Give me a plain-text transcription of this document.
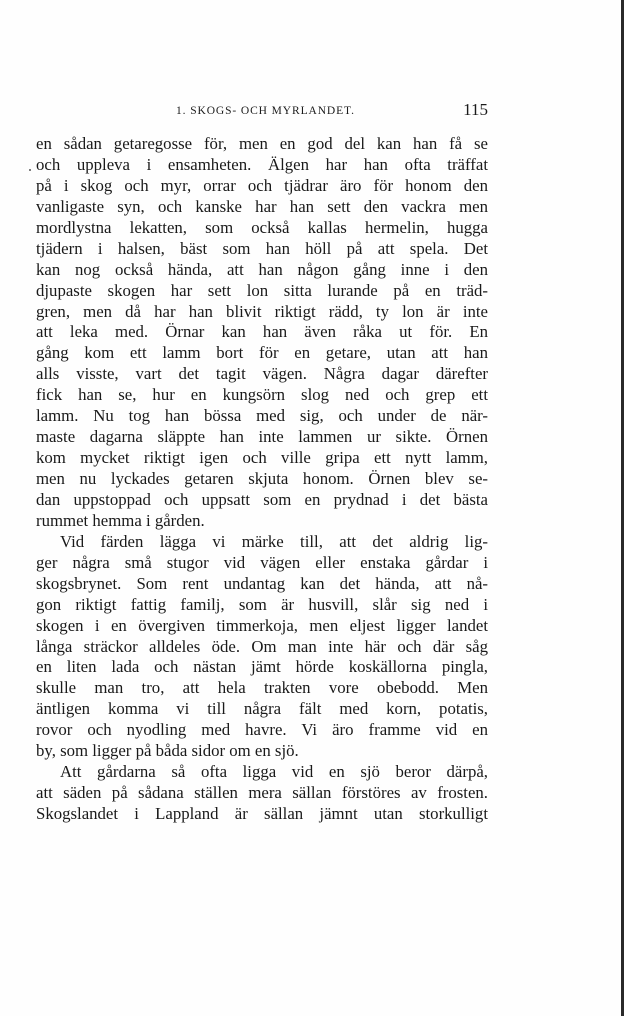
1. SKOGS- OCH MYRLANDET.	115
en sådan getaregosse för, men en god del kan han få se
och uppleva i ensamheten. Älgen har han ofta träffat
på i skog och myr, orrar och tjädrar äro för honom den
vanligaste syn, och kanske har han sett den vackra men
mordlystna lekatten, som också kallas hermelin, hugga
tjädern i halsen, bäst som han höll på att spela. Det
kan nog också hända, att han någon gång inne i den
djupaste skogen har sett lon sitta lurande på en träd-
gren, men då har han blivit riktigt rädd, ty lon är inte
att leka med. Örnar kan han även råka ut för. En
gång kom ett lamm bort för en getare, utan att han
alls visste, vart det tagit vägen. Några dagar därefter
fick han se, hur en kungsörn slog ned och grep ett
lamm. Nu tog han bössa med sig, och under de när-
maste dagarna släppte han inte lammen ur sikte. Örnen
kom mycket riktigt igen och ville gripa ett nytt lamm,
men nu lyckades getaren skjuta honom. Örnen blev se-
dan uppstoppad och uppsatt som en prydnad i det bästa
rummet hemma i gården.
Vid färden lägga vi märke till, att det aldrig lig-
ger några små stugor vid vägen eller enstaka gårdar i
skogsbrynet. Som rent undantag kan det hända, att nå-
gon riktigt fattig familj, som är husvill, slår sig ned i
skogen i en övergiven timmerkoja, men eljest ligger landet
långa sträckor alldeles öde. Om man inte här och där såg
en liten lada och nästan jämt hörde koskällorna pingla,
skulle man tro, att hela trakten vore obebodd. Men
äntligen komma vi till några fält med korn, potatis,
rovor och nyodling med havre. Vi äro framme vid en
by, som ligger på båda sidor om en sjö.
Att gårdarna så ofta ligga vid en sjö beror därpå,
att säden på sådana ställen mera sällan förstöres av frosten.
Skogslandet i Lappland är sällan jämnt utan storkulligt
